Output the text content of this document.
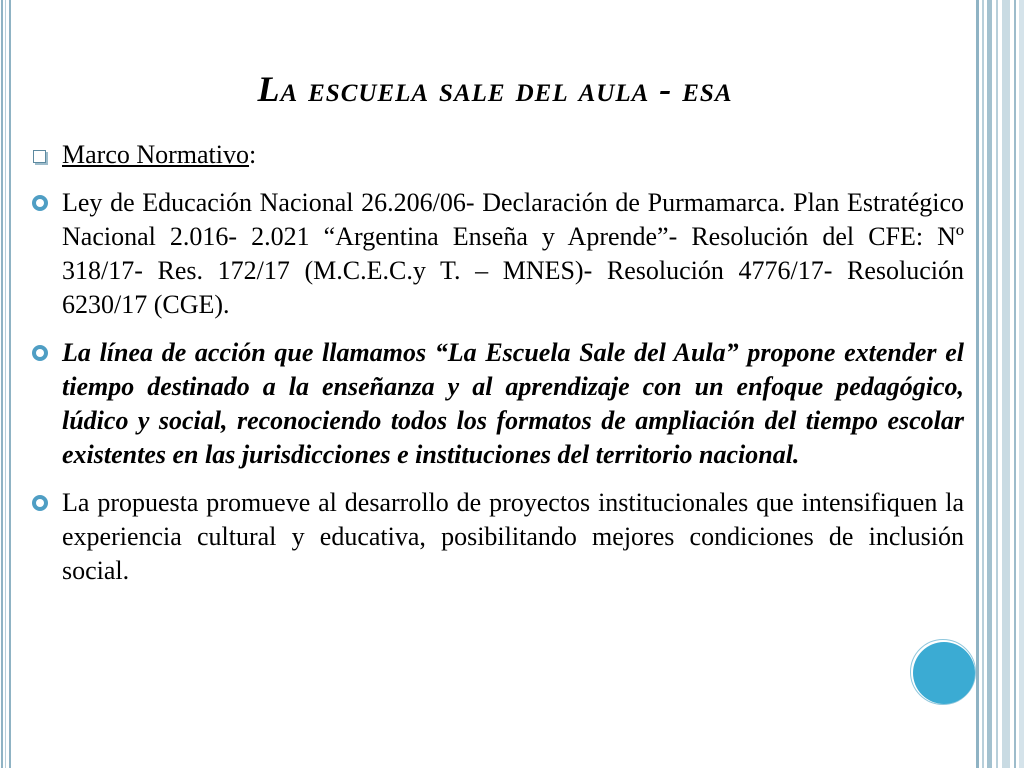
La escuela sale del aula - esa
Marco Normativo:
Ley de Educación Nacional 26.206/06- Declaración de Purmamarca. Plan Estratégico Nacional 2.016- 2.021 “Argentina Enseña y Aprende”- Resolución del CFE: Nº 318/17- Res. 172/17 (M.C.E.C.y T. – MNES)- Resolución 4776/17- Resolución 6230/17 (CGE).
La línea de acción que llamamos “La Escuela Sale del Aula” propone extender el tiempo destinado a la enseñanza y al aprendizaje con un enfoque pedagógico, lúdico y social, reconociendo todos los formatos de ampliación del tiempo escolar existentes en las jurisdicciones e instituciones del territorio nacional.
La propuesta promueve al desarrollo de proyectos institucionales que intensifiquen la experiencia cultural y educativa, posibilitando mejores condiciones de inclusión social.
